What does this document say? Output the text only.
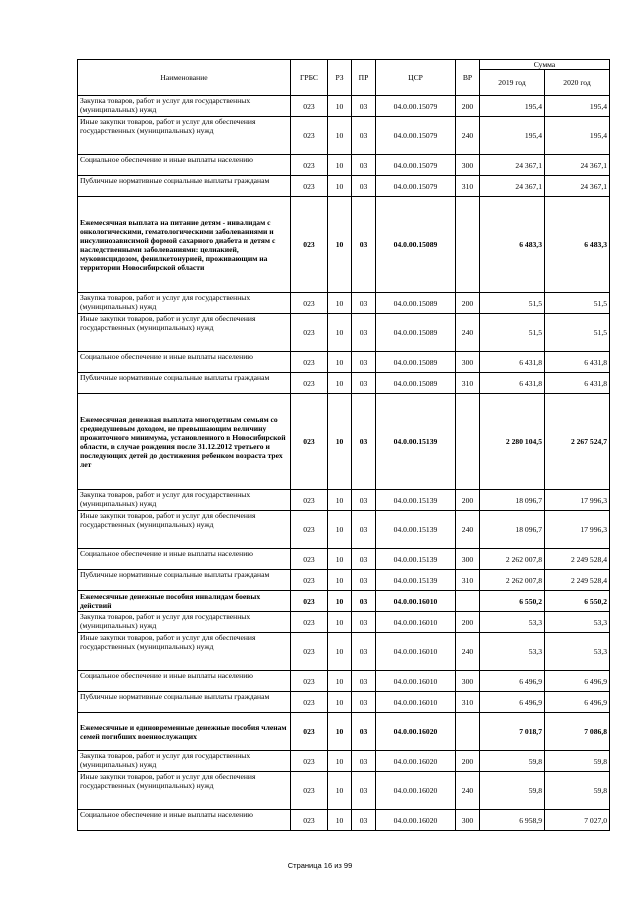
Наименование	ГРБС	РЗ	ПР	ЦСР	ВР	Сумма	
						2019 год	2020 год
Закупка товаров, работ и услуг для государственных (муниципальных) нужд	023	10	03	04.0.00.15079	200	195,4	195,4
Иные закупки товаров, работ и услуг для обеспечения государственных (муниципальных) нужд	023	10	03	04.0.00.15079	240	195,4	195,4
Социальное обеспечение и иные выплаты населению	023	10	03	04.0.00.15079	300	24 367,1	24 367,1
Публичные нормативные социальные выплаты гражданам	023	10	03	04.0.00.15079	310	24 367,1	24 367,1
Ежемесячная выплата на питание детям - инвалидам с онкологическими, гематологическими заболеваниями и инсулинозависимой формой сахарного диабета и детям с наследственными заболеваниями: целиакией, муковисцидозом, фенилкетонурией, проживающим на территории Новосибирской области	023	10	03	04.0.00.15089		6 483,3	6 483,3
Закупка товаров, работ и услуг для государственных (муниципальных) нужд	023	10	03	04.0.00.15089	200	51,5	51,5
Иные закупки товаров, работ и услуг для обеспечения государственных (муниципальных) нужд	023	10	03	04.0.00.15089	240	51,5	51,5
Социальное обеспечение и иные выплаты населению	023	10	03	04.0.00.15089	300	6 431,8	6 431,8
Публичные нормативные социальные выплаты гражданам	023	10	03	04.0.00.15089	310	6 431,8	6 431,8
Ежемесячная денежная выплата многодетным семьям со среднедушевым доходом, не превышающим величину прожиточного минимума, установленного в Новосибирской области, в случае рождения после 31.12.2012 третьего и последующих детей до достижения ребенком возраста трех лет	023	10	03	04.0.00.15139		2 280 104,5	2 267 524,7
Закупка товаров, работ и услуг для государственных (муниципальных) нужд	023	10	03	04.0.00.15139	200	18 096,7	17 996,3
Иные закупки товаров, работ и услуг для обеспечения государственных (муниципальных) нужд	023	10	03	04.0.00.15139	240	18 096,7	17 996,3
Социальное обеспечение и иные выплаты населению	023	10	03	04.0.00.15139	300	2 262 007,8	2 249 528,4
Публичные нормативные социальные выплаты гражданам	023	10	03	04.0.00.15139	310	2 262 007,8	2 249 528,4
Ежемесячные денежные пособия инвалидам боевых действий	023	10	03	04.0.00.16010		6 550,2	6 550,2
Закупка товаров, работ и услуг для государственных (муниципальных) нужд	023	10	03	04.0.00.16010	200	53,3	53,3
Иные закупки товаров, работ и услуг для обеспечения государственных (муниципальных) нужд	023	10	03	04.0.00.16010	240	53,3	53,3
Социальное обеспечение и иные выплаты населению	023	10	03	04.0.00.16010	300	6 496,9	6 496,9
Публичные нормативные социальные выплаты гражданам	023	10	03	04.0.00.16010	310	6 496,9	6 496,9
Ежемесячные и единовременные денежные пособия членам семей погибших военнослужащих	023	10	03	04.0.00.16020		7 018,7	7 086,8
Закупка товаров, работ и услуг для государственных (муниципальных) нужд	023	10	03	04.0.00.16020	200	59,8	59,8
Иные закупки товаров, работ и услуг для обеспечения государственных (муниципальных) нужд	023	10	03	04.0.00.16020	240	59,8	59,8
Социальное обеспечение и иные выплаты населению	023	10	03	04.0.00.16020	300	6 958,9	7 027,0
Страница 16 из 99
